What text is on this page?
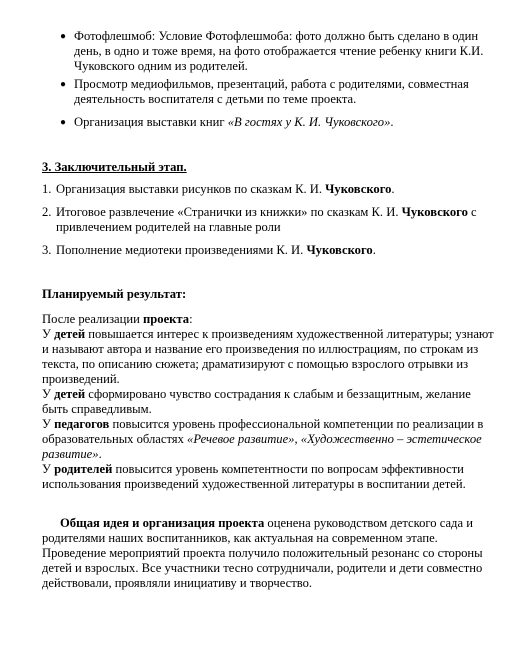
● Фотофлешмоб: Условие Фотофлешмоба: фото должно быть сделано в один день, в одно и тоже время, на фото отображается чтение ребенку книги К.И. Чуковского одним из родителей.
● Просмотр медиофильмов, презентаций, работа с родителями, совместная деятельность воспитателя с детьми по теме проекта.
● Организация выставки книг «В гостях у К. И. Чуковского».
3. Заключительный этап.
1. Организация выставки рисунков по сказкам К. И. Чуковского.
2. Итоговое развлечение «Странички из книжки» по сказкам К. И. Чуковского с привлечением родителей на главные роли
3. Пополнение медиотеки произведениями К. И. Чуковского.
Планируемый результат:

После реализации проекта:

У детей повышается интерес к произведениям художественной литературы; узнают и называют автора и название его произведения по иллюстрациям, по строкам из текста, по описанию сюжета; драматизируют с помощью взрослого отрывки из произведений.

У детей сформировано чувство сострадания к слабым и беззащитным, желание быть справедливым.

У педагогов повысится уровень профессиональной компетенции по реализации в образовательных областях «Речевое развитие», «Художественно – эстетическое развитие».

У родителей повысится уровень компетентности по вопросам эффективности использования произведений художественной литературы в воспитании детей.

Общая идея и организация проекта оценена руководством детского сада и родителями наших воспитанников, как актуальная на современном этапе. Проведение мероприятий проекта получило положительный резонанс со стороны детей и взрослых. Все участники тесно сотрудничали, родители и дети совместно действовали, проявляли инициативу и творчество.
